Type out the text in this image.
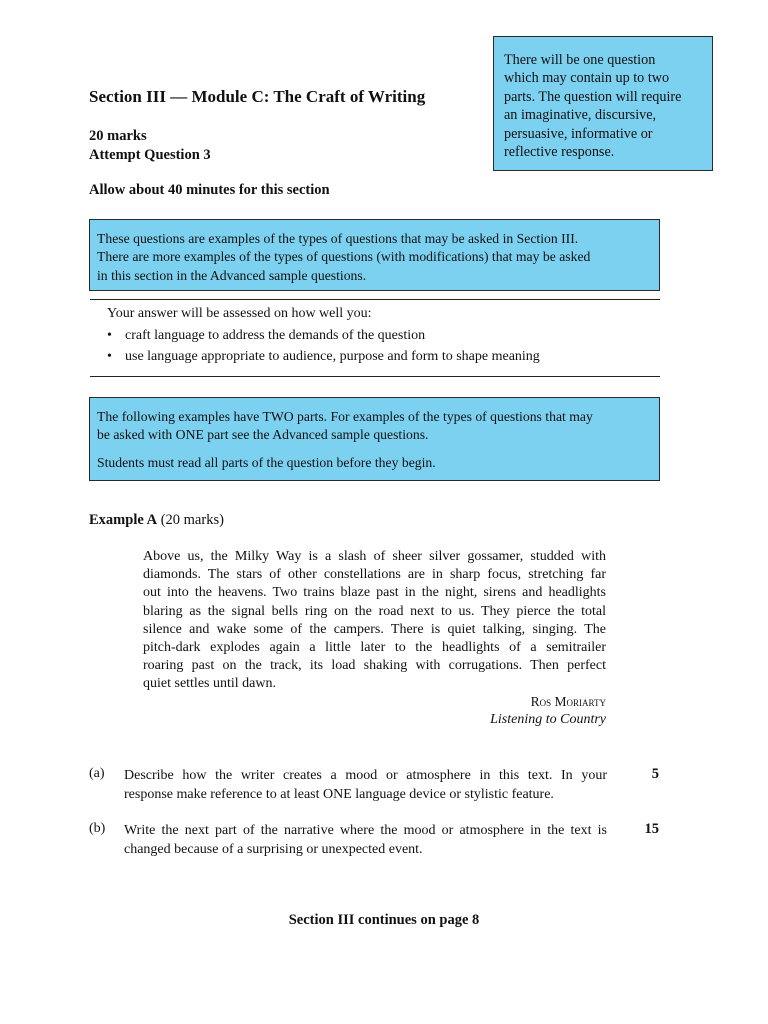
There will be one question
which may contain up to two
parts. The question will require
an imaginative, discursive,
persuasive, informative or
reflective response.
Section III — Module C: The Craft of Writing
20 marks
Attempt Question 3
Allow about 40 minutes for this section
These questions are examples of the types of questions that may be asked in Section III.
There are more examples of the types of questions (with modifications) that may be asked
in this section in the Advanced sample questions.
Your answer will be assessed on how well you:
• craft language to address the demands of the question
• use language appropriate to audience, purpose and form to shape meaning
The following examples have TWO parts. For examples of the types of questions that may
be asked with ONE part see the Advanced sample questions.
Students must read all parts of the question before they begin.
Example A (20 marks)
Above us, the Milky Way is a slash of sheer silver gossamer, studded with
diamonds. The stars of other constellations are in sharp focus, stretching far
out into the heavens. Two trains blaze past in the night, sirens and headlights
blaring as the signal bells ring on the road next to us. They pierce the total
silence and wake some of the campers. There is quiet talking, singing. The
pitch-dark explodes again a little later to the headlights of a semitrailer
roaring past on the track, its load shaking with corrugations. Then perfect
quiet settles until dawn.
Ros Moriarty
Listening to Country
(a) Describe how the writer creates a mood or atmosphere in this text. In your
response make reference to at least ONE language device or stylistic feature.
5
(b) Write the next part of the narrative where the mood or atmosphere in the text is
changed because of a surprising or unexpected event.
15
Section III continues on page 8
